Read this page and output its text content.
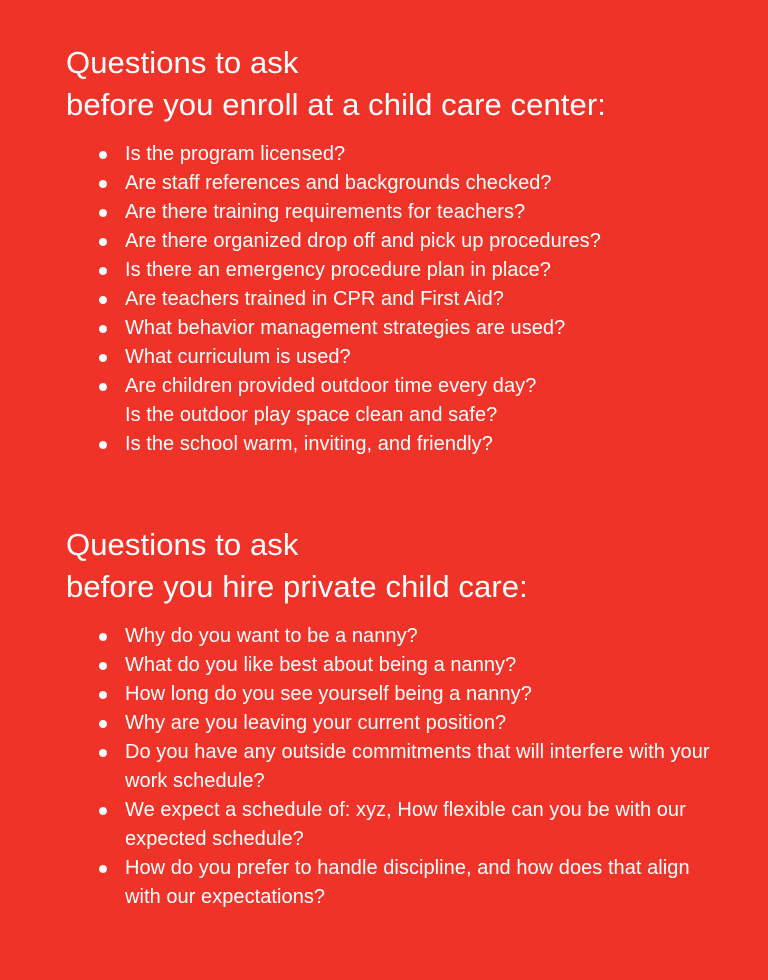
Questions to ask
before you enroll at a child care center:
Is the program licensed?
Are staff references and backgrounds checked?
Are there training requirements for teachers?
Are there organized drop off and pick up procedures?
Is there an emergency procedure plan in place?
Are teachers trained in CPR and First Aid?
What behavior management strategies are used?
What curriculum is used?
Are children provided outdoor time every day?
Is the outdoor play space clean and safe?
Is the school warm, inviting, and friendly?
Questions to ask
before you hire private child care:
Why do you want to be a nanny?
What do you like best about being a nanny?
How long do you see yourself being a nanny?
Why are you leaving your current position?
Do you have any outside commitments that will interfere with your work schedule?
We expect a schedule of: xyz, How flexible can you be with our expected schedule?
How do you prefer to handle discipline, and how does that align with our expectations?
